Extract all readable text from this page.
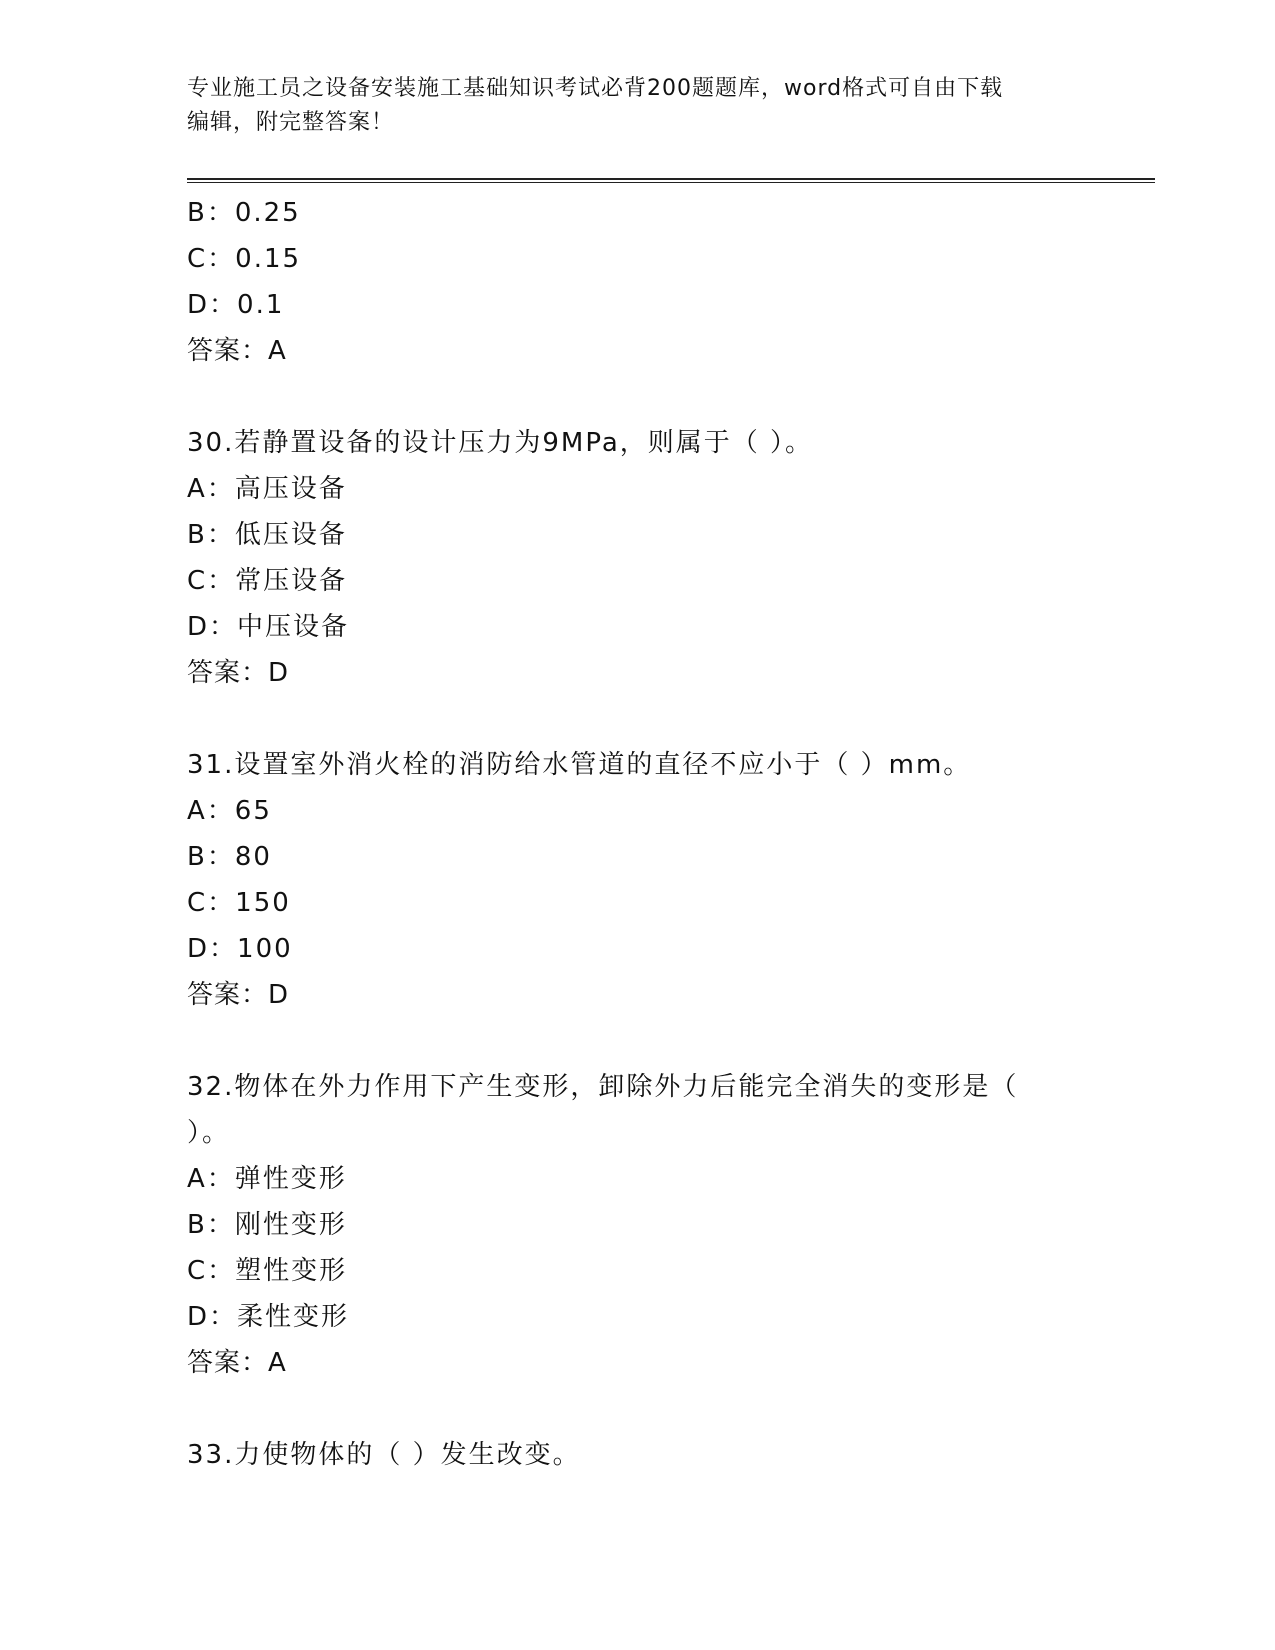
专业施工员之设备安装施工基础知识考试必背200题题库，word格式可自由下载
编辑，附完整答案！
B：0.25
C：0.15
D：0.1
答案：A
30.若静置设备的设计压力为9MPa，则属于（ ）。
A：高压设备
B：低压设备
C：常压设备
D：中压设备
答案：D
31.设置室外消火栓的消防给水管道的直径不应小于（ ）mm。
A：65
B：80
C：150
D：100
答案：D
32.物体在外力作用下产生变形，卸除外力后能完全消失的变形是（
）。
A：弹性变形
B：刚性变形
C：塑性变形
D：柔性变形
答案：A
33.力使物体的（ ）发生改变。
